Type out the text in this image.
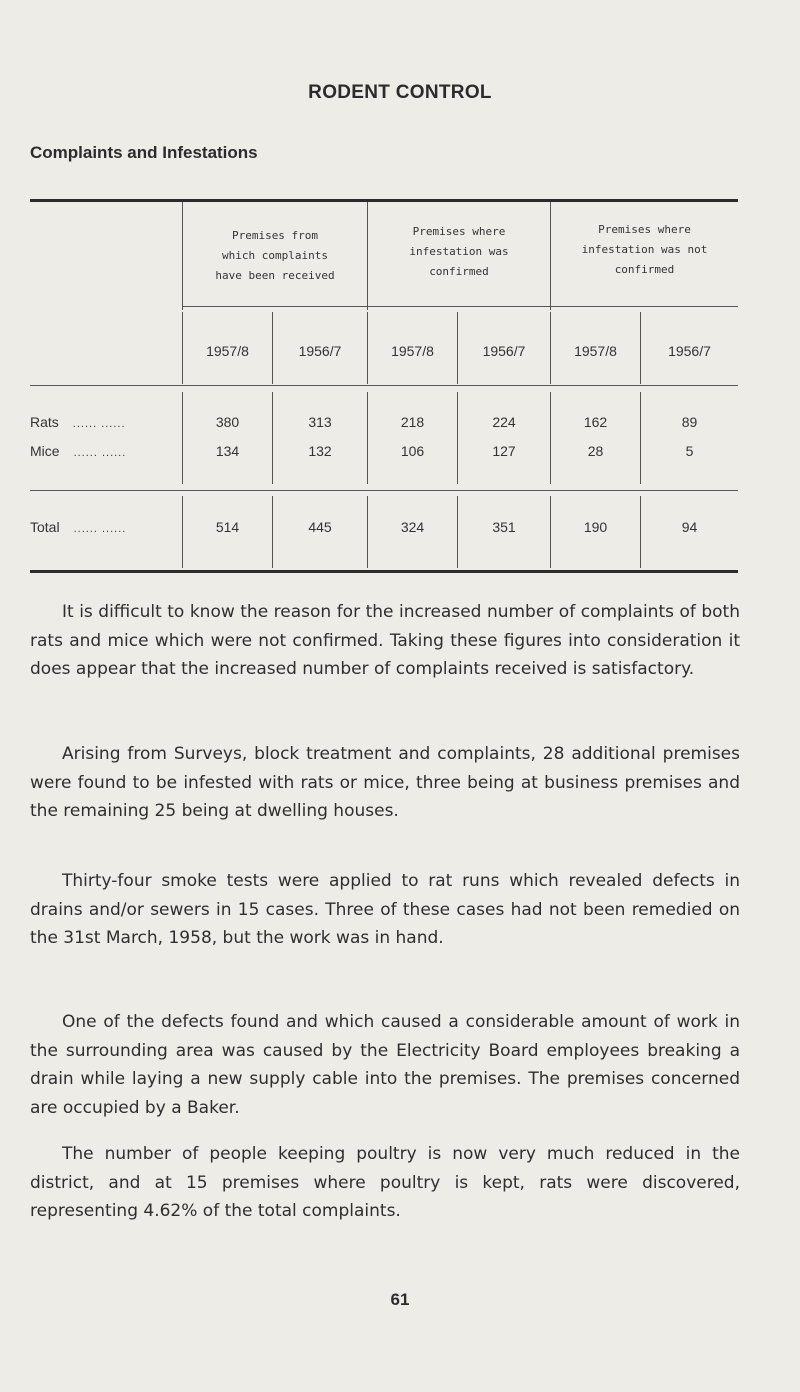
RODENT CONTROL
Complaints and Infestations
Premises from
which complaints
have been received
Premises where
infestation was
confirmed
Premises where
infestation was not
confirmed
1957/8	1956/7	1957/8	1956/7	1957/8	1956/7
Rats ...... ......	380	313	218	224	162	89
Mice ...... ......	134	132	106	127	28	5
Total ...... ......	514	445	324	351	190	94

It is difficult to know the reason for the increased number of complaints of both rats and mice which were not confirmed. Taking these figures into consideration it does appear that the increased number of complaints received is satisfactory.

Arising from Surveys, block treatment and complaints, 28 additional premises were found to be infested with rats or mice, three being at business premises and the remaining 25 being at dwelling houses.

Thirty-four smoke tests were applied to rat runs which revealed defects in drains and/or sewers in 15 cases. Three of these cases had not been remedied on the 31st March, 1958, but the work was in hand.

One of the defects found and which caused a considerable amount of work in the surrounding area was caused by the Electricity Board employees breaking a drain while laying a new supply cable into the premises. The premises concerned are occupied by a Baker.

The number of people keeping poultry is now very much reduced in the district, and at 15 premises where poultry is kept, rats were discovered, representing 4.62% of the total complaints.

61
